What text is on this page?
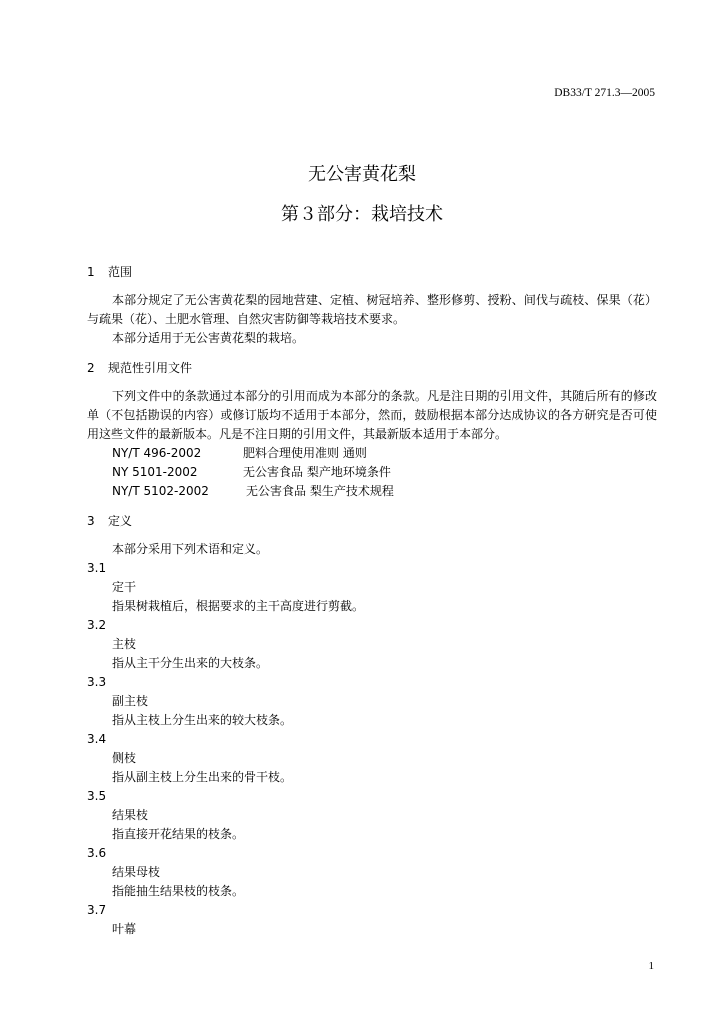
DB33/T 271.3—2005
无公害黄花梨
第３部分：栽培技术
1	范围
本部分规定了无公害黄花梨的园地营建、定植、树冠培养、整形修剪、授粉、间伐与疏枝、保果（花）与疏果（花）、土肥水管理、自然灾害防御等栽培技术要求。
本部分适用于无公害黄花梨的栽培。
2	规范性引用文件
下列文件中的条款通过本部分的引用而成为本部分的条款。凡是注日期的引用文件，其随后所有的修改单（不包括勘误的内容）或修订版均不适用于本部分，然而，鼓励根据本部分达成协议的各方研究是否可使用这些文件的最新版本。凡是不注日期的引用文件，其最新版本适用于本部分。
NY/T 496-2002	肥料合理使用准则 通则
NY 5101-2002	无公害食品 梨产地环境条件
NY/T 5102-2002	无公害食品 梨生产技术规程
3	定义
本部分采用下列术语和定义。
3.1
定干
指果树栽植后，根据要求的主干高度进行剪截。
3.2
主枝
指从主干分生出来的大枝条。
3.3
副主枝
指从主枝上分生出来的较大枝条。
3.4
侧枝
指从副主枝上分生出来的骨干枝。
3.5
结果枝
指直接开花结果的枝条。
3.6
结果母枝
指能抽生结果枝的枝条。
3.7
叶幕
1
